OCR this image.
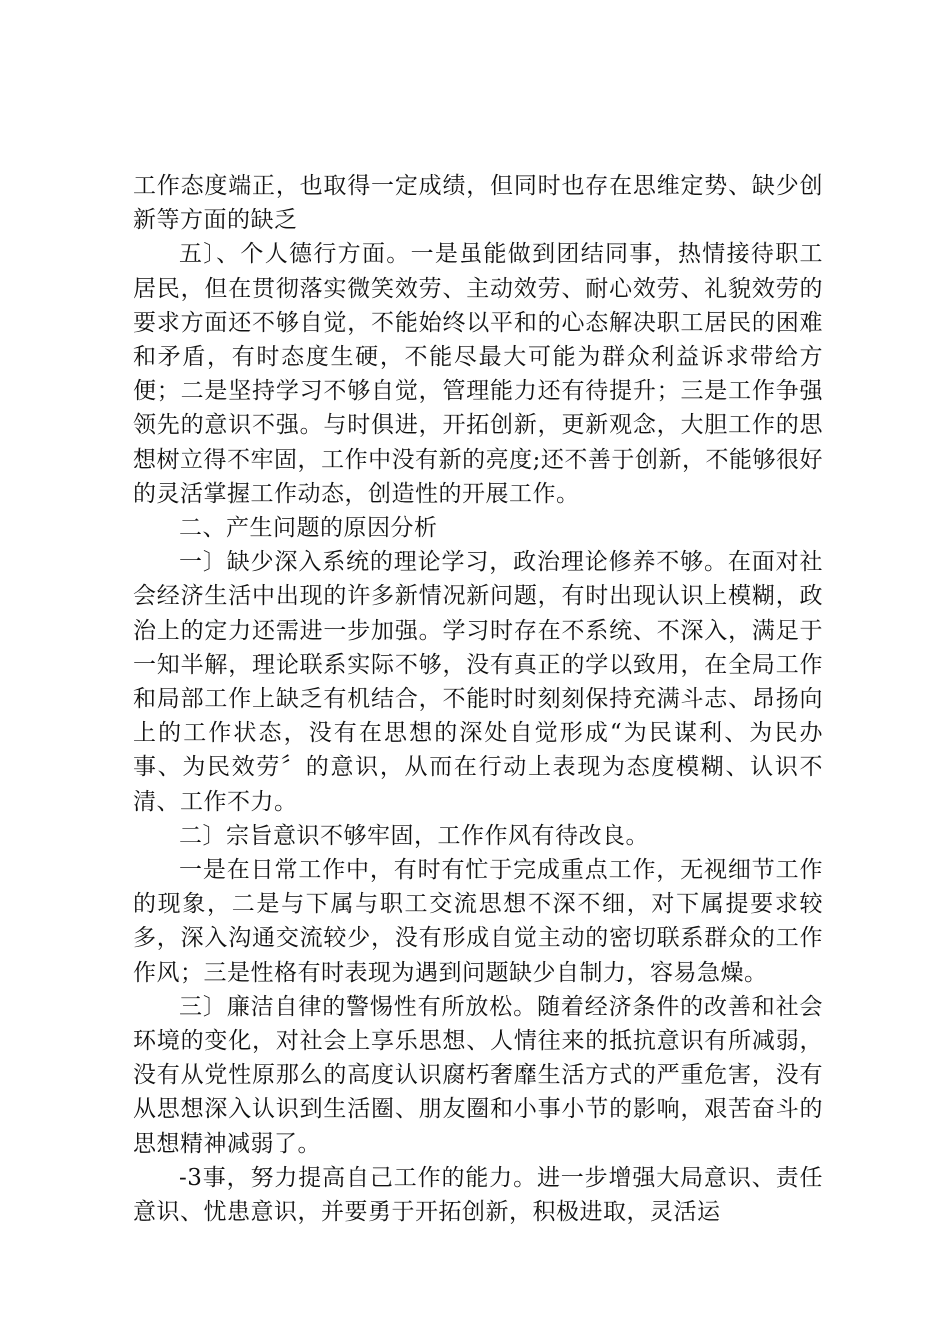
工作态度端正，也取得一定成绩，但同时也存在思维定势、缺少创新等方面的缺乏

五〕、个人德行方面。一是虽能做到团结同事，热情接待职工居民，但在贯彻落实微笑效劳、主动效劳、耐心效劳、礼貌效劳的要求方面还不够自觉，不能始终以平和的心态解决职工居民的困难和矛盾，有时态度生硬，不能尽最大可能为群众利益诉求带给方便；二是坚持学习不够自觉，管理能力还有待提升；三是工作争强领先的意识不强。与时俱进，开拓创新，更新观念，大胆工作的思想树立得不牢固，工作中没有新的亮度;还不善于创新，不能够很好的灵活掌握工作动态，创造性的开展工作。

二、产生问题的原因分析

一〕缺少深入系统的理论学习，政治理论修养不够。在面对社会经济生活中出现的许多新情况新问题，有时出现认识上模糊，政治上的定力还需进一步加强。学习时存在不系统、不深入，满足于一知半解，理论联系实际不够，没有真正的学以致用，在全局工作和局部工作上缺乏有机结合，不能时时刻刻保持充满斗志、昂扬向上的工作状态，没有在思想的深处自觉形成“为民谋利、为民办事、为民效劳〞的意识，从而在行动上表现为态度模糊、认识不清、工作不力。

二〕宗旨意识不够牢固，工作作风有待改良。

一是在日常工作中，有时有忙于完成重点工作，无视细节工作的现象，二是与下属与职工交流思想不深不细，对下属提要求较多，深入沟通交流较少，没有形成自觉主动的密切联系群众的工作作风；三是性格有时表现为遇到问题缺少自制力，容易急燥。

三〕廉洁自律的警惕性有所放松。随着经济条件的改善和社会环境的变化，对社会上享乐思想、人情往来的抵抗意识有所减弱，没有从党性原那么的高度认识腐朽奢靡生活方式的严重危害，没有从思想深入认识到生活圈、朋友圈和小事小节的影响，艰苦奋斗的思想精神减弱了。

-3事，努力提高自己工作的能力。进一步增强大局意识、责任意识、忧患意识，并要勇于开拓创新，积极进取，灵活运
